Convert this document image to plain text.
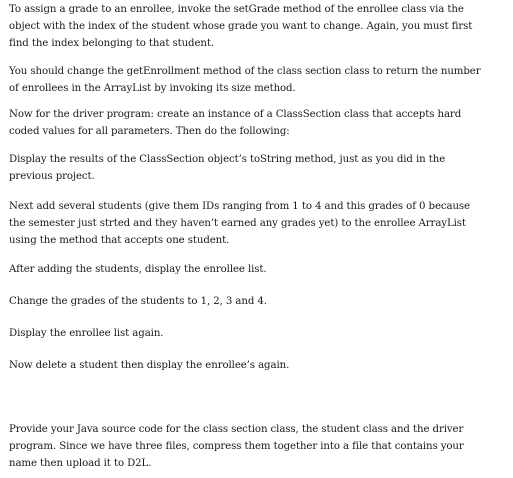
To assign a grade to an enrollee, invoke the setGrade method of the enrollee class via the
object with the index of the student whose grade you want to change. Again, you must first
find the index belonging to that student.

You should change the getEnrollment method of the class section class to return the number
of enrollees in the ArrayList by invoking its size method.

Now for the driver program: create an instance of a ClassSection class that accepts hard
coded values for all parameters. Then do the following:

Display the results of the ClassSection object’s toString method, just as you did in the
previous project.

Next add several students (give them IDs ranging from 1 to 4 and this grades of 0 because
the semester just strted and they haven’t earned any grades yet) to the enrollee ArrayList
using the method that accepts one student.

After adding the students, display the enrollee list.

Change the grades of the students to 1, 2, 3 and 4.

Display the enrollee list again.

Now delete a student then display the enrollee’s again.

Provide your Java source code for the class section class, the student class and the driver
program. Since we have three files, compress them together into a file that contains your
name then upload it to D2L.
